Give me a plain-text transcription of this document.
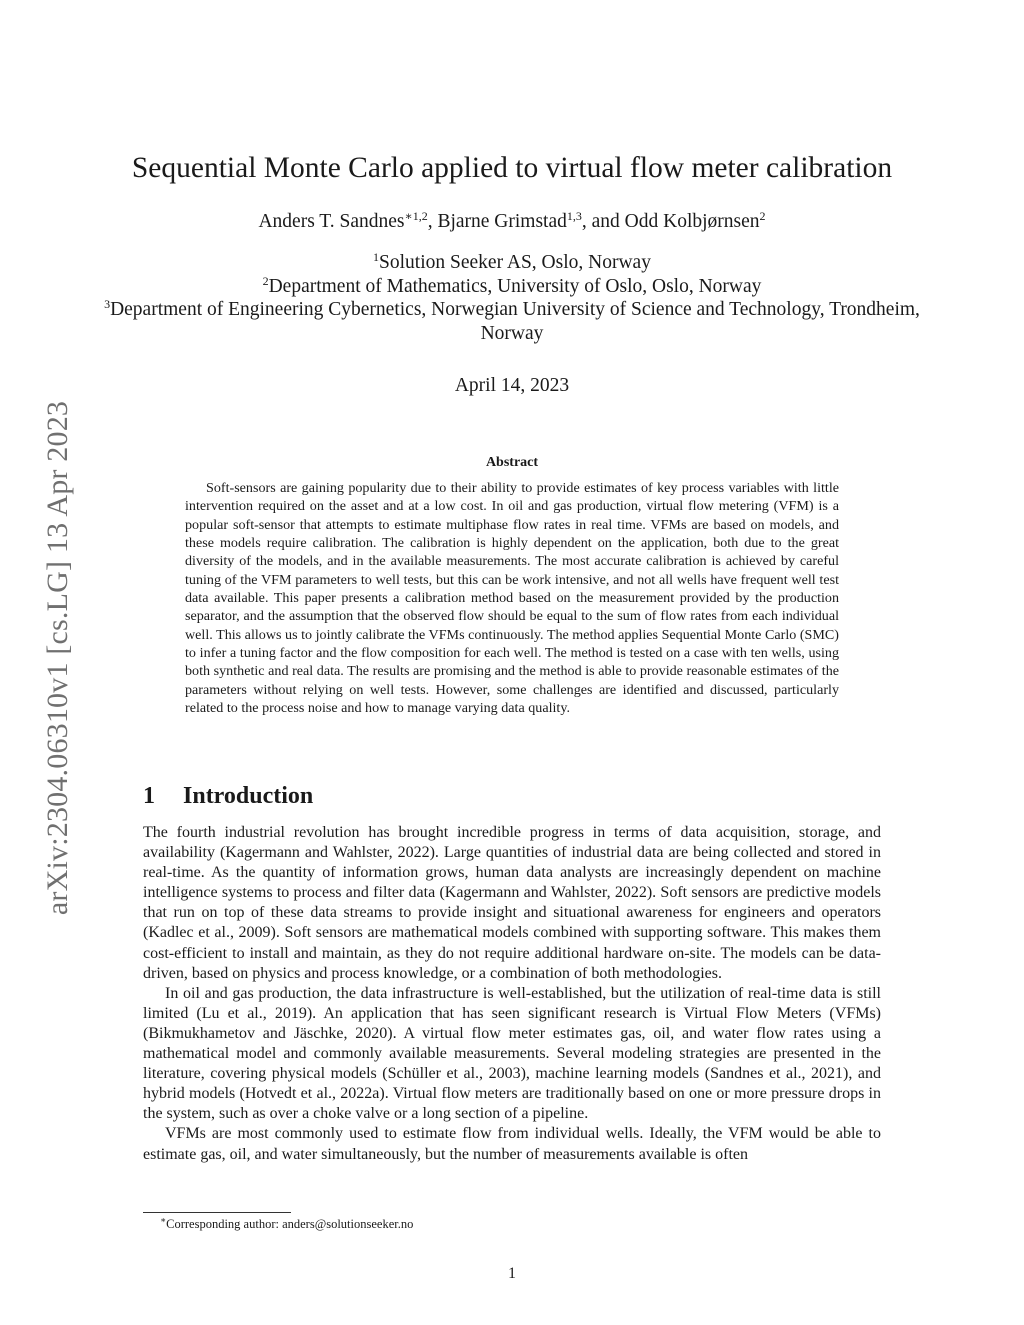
arXiv:2304.06310v1 [cs.LG] 13 Apr 2023
Sequential Monte Carlo applied to virtual flow meter calibration
Anders T. Sandnes$^{∗1,2}$, Bjarne Grimstad$^{1,3}$, and Odd Kolbjørnsen$^2$
$^1$Solution Seeker AS, Oslo, Norway
$^2$Department of Mathematics, University of Oslo, Oslo, Norway
$^3$Department of Engineering Cybernetics, Norwegian University of Science and Technology, Trondheim, Norway
April 14, 2023
Abstract

Soft-sensors are gaining popularity due to their ability to provide estimates of key process variables with little intervention required on the asset and at a low cost. In oil and gas production, virtual flow metering (VFM) is a popular soft-sensor that attempts to estimate multiphase flow rates in real time. VFMs are based on models, and these models require calibration. The calibration is highly dependent on the application, both due to the great diversity of the models, and in the available measurements. The most accurate calibration is achieved by careful tuning of the VFM parameters to well tests, but this can be work intensive, and not all wells have frequent well test data available. This paper presents a calibration method based on the measurement provided by the production separator, and the assumption that the observed flow should be equal to the sum of flow rates from each individual well. This allows us to jointly calibrate the VFMs continuously. The method applies Sequential Monte Carlo (SMC) to infer a tuning factor and the flow composition for each well. The method is tested on a case with ten wells, using both synthetic and real data. The results are promising and the method is able to provide reasonable estimates of the parameters without relying on well tests. However, some challenges are identified and discussed, particularly related to the process noise and how to manage varying data quality.

1 Introduction

The fourth industrial revolution has brought incredible progress in terms of data acquisition, storage, and availability (Kagermann and Wahlster, 2022). Large quantities of industrial data are being collected and stored in real-time. As the quantity of information grows, human data analysts are increasingly dependent on machine intelligence systems to process and filter data (Kagermann and Wahlster, 2022). Soft sensors are predictive models that run on top of these data streams to provide insight and situational awareness for engineers and operators (Kadlec et al., 2009). Soft sensors are mathematical models combined with supporting software. This makes them cost-efficient to install and maintain, as they do not require additional hardware on-site. The models can be data-driven, based on physics and process knowledge, or a combination of both methodologies.

In oil and gas production, the data infrastructure is well-established, but the utilization of real-time data is still limited (Lu et al., 2019). An application that has seen significant research is Virtual Flow Meters (VFMs) (Bikmukhametov and Jäschke, 2020). A virtual flow meter estimates gas, oil, and water flow rates using a mathematical model and commonly available measurements. Several modeling strategies are presented in the literature, covering physical models (Schüller et al., 2003), machine learning models (Sandnes et al., 2021), and hybrid models (Hotvedt et al., 2022a). Virtual flow meters are traditionally based on one or more pressure drops in the system, such as over a choke valve or a long section of a pipeline.

VFMs are most commonly used to estimate flow from individual wells. Ideally, the VFM would be able to estimate gas, oil, and water simultaneously, but the number of measurements available is often

∗Corresponding author: anders@solutionseeker.no
1
